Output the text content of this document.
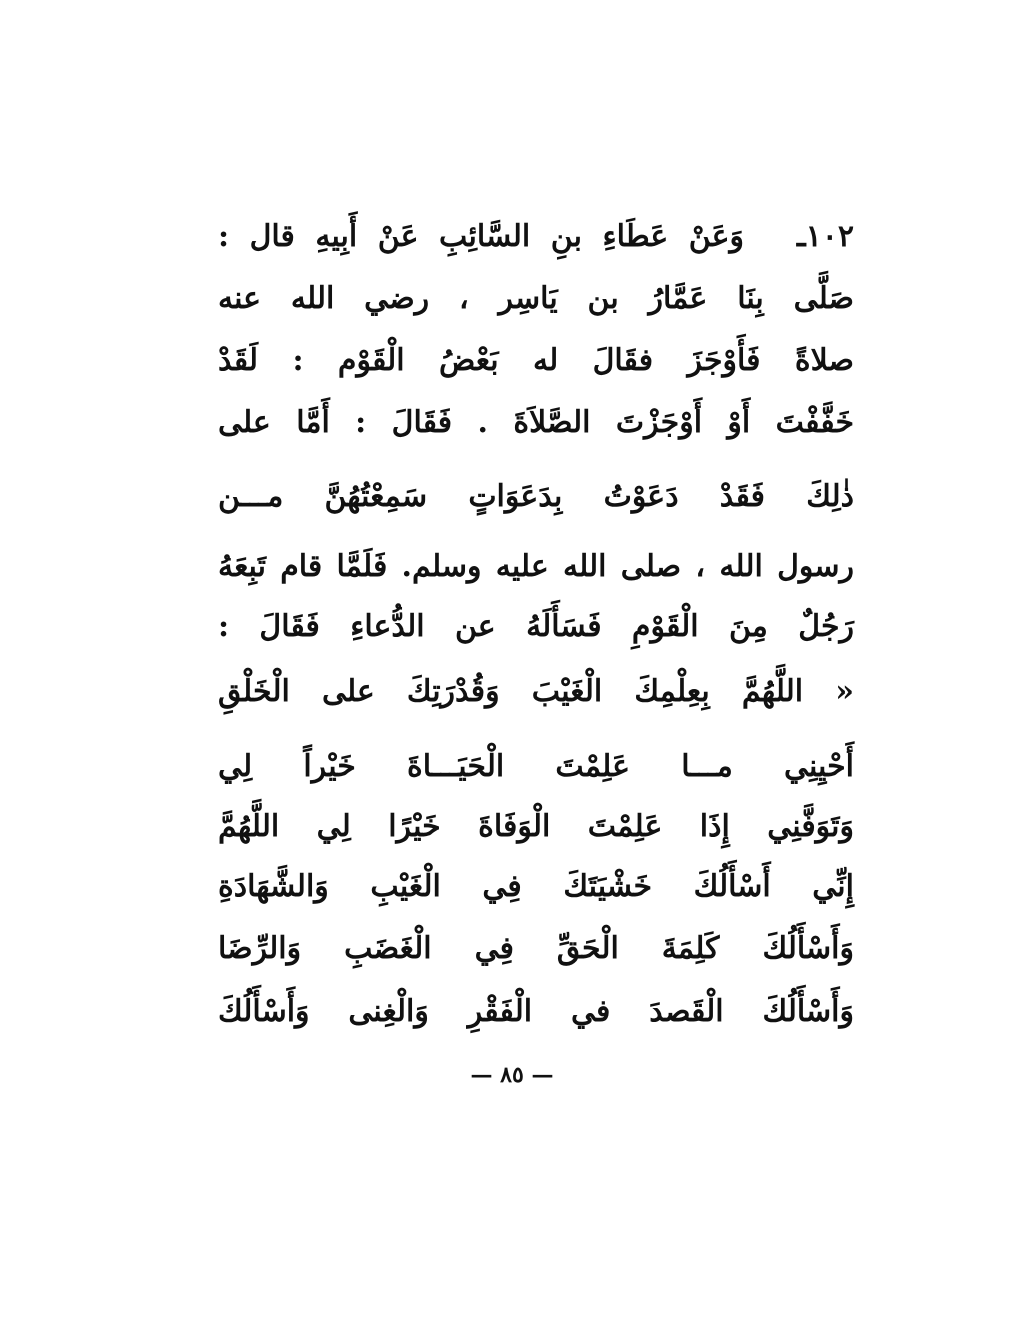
١٠٢ـ
وَعَنْ عَطَاءِ بنِ السَّائِبِ عَنْ أَبِيهِ قال :
صَلَّى بِنَا عَمَّارُ بن يَاسِر ، رضي الله عنه
صلاةً فَأَوْجَزَ فقَالَ له بَعْضُ الْقَوْم : لَقَدْ
خَفَّفْتَ أَوْ أَوْجَزْتَ الصَّلاَةَ . فَقَالَ : أَمَّا على
ذٰلِكَ فَقَدْ دَعَوْتُ بِدَعَوَاتٍ سَمِعْتُهُنَّ مـــن
رسول الله ، صلى الله عليه وسلم. فَلَمَّا قام تَبِعَهُ
رَجُلٌ مِنَ الْقَوْمِ فَسَأَلَهُ عن الدُّعاءِ فَقَالَ :
« اللَّهُمَّ بِعِلْمِكَ الْغَيْبَ وَقُدْرَتِكَ على الْخَلْقِ
أَحْيِنِي مـــا عَلِمْتَ الْحَيَـــاةَ خَيْراً لِي
وَتَوَفَّنِي إِذَا عَلِمْتَ الْوَفَاةَ خَيْرًا لِي اللَّهُمَّ
إِنِّي أَسْأَلُكَ خَشْيَتَكَ فِي الْغَيْبِ وَالشَّهَادَةِ
وَأَسْأَلُكَ كَلِمَةَ الْحَقِّ فِي الْغَضَبِ وَالرِّضَا
وَأَسْأَلُكَ الْقَصدَ في الْفَقْرِ وَالْغِنى وَأَسْأَلُكَ
— ٨٥ —
